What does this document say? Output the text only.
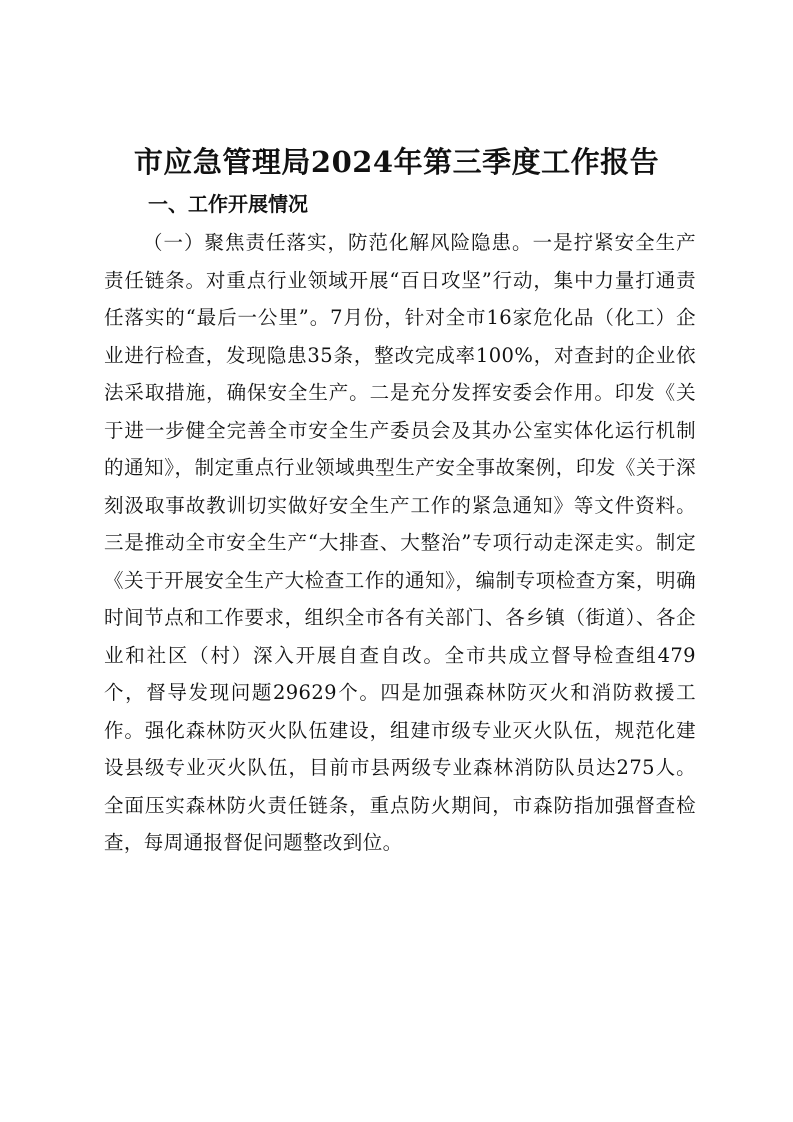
市应急管理局2024年第三季度工作报告
一、工作开展情况

（一）聚焦责任落实，防范化解风险隐患。一是拧紧安全生产责任链条。对重点行业领域开展“百日攻坚”行动，集中力量打通责任落实的“最后一公里”。7月份，针对全市16家危化品（化工）企业进行检查，发现隐患35条，整改完成率100%，对查封的企业依法采取措施，确保安全生产。二是充分发挥安委会作用。印发《关于进一步健全完善全市安全生产委员会及其办公室实体化运行机制的通知》，制定重点行业领域典型生产安全事故案例，印发《关于深刻汲取事故教训切实做好安全生产工作的紧急通知》等文件资料。三是推动全市安全生产“大排查、大整治”专项行动走深走实。制定《关于开展安全生产大检查工作的通知》，编制专项检查方案，明确时间节点和工作要求，组织全市各有关部门、各乡镇（街道）、各企业和社区（村）深入开展自查自改。全市共成立督导检查组479个，督导发现问题29629个。四是加强森林防灭火和消防救援工作。强化森林防灭火队伍建设，组建市级专业灭火队伍，规范化建设县级专业灭火队伍，目前市县两级专业森林消防队员达275人。全面压实森林防火责任链条，重点防火期间，市森防指加强督查检查，每周通报督促问题整改到位。
